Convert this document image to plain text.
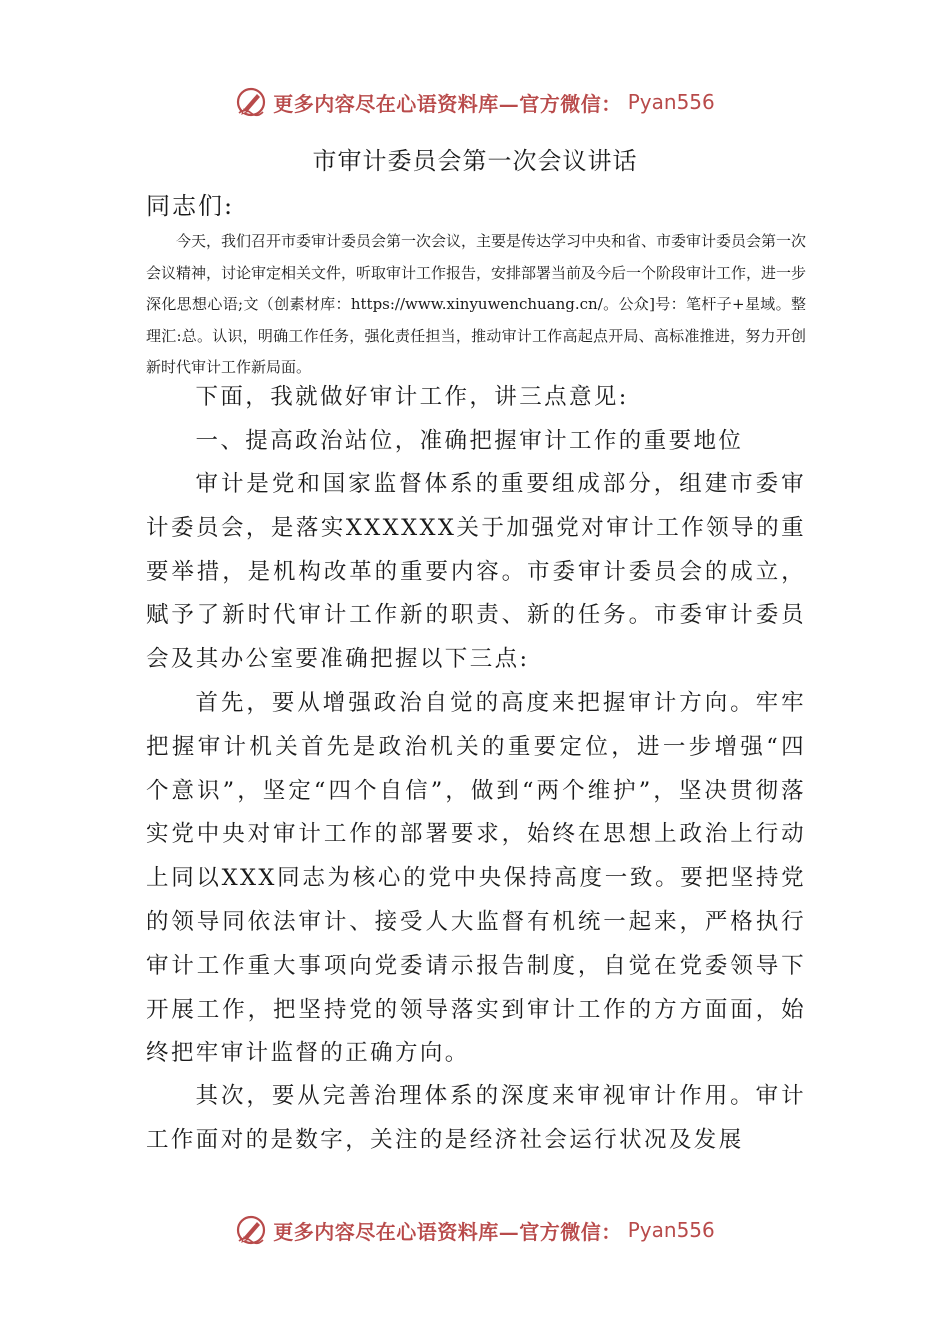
更多内容尽在心语资料库—官方微信： Pyan556
市审计委员会第一次会议讲话
同志们:

今天，我们召开市委审计委员会第一次会议，主要是传达学习中央和省、市委审计委员会第一次会议精神，讨论审定相关文件，听取审计工作报告，安排部署当前及今后一个阶段审计工作，进一步深化思想心语;文（创素材库：https://www.xinyuwenchuang.cn/。公众]号：笔杆子+星域。整理汇:总。认识，明确工作任务，强化责任担当，推动审计工作高起点开局、高标准推进，努力开创新时代审计工作新局面。

下面，我就做好审计工作，讲三点意见:

一、提高政治站位，准确把握审计工作的重要地位

审计是党和国家监督体系的重要组成部分，组建市委审计委员会，是落实XXXXXX关于加强党对审计工作领导的重要举措，是机构改革的重要内容。市委审计委员会的成立，赋予了新时代审计工作新的职责、新的任务。市委审计委员会及其办公室要准确把握以下三点:

首先，要从增强政治自觉的高度来把握审计方向。牢牢把握审计机关首先是政治机关的重要定位，进一步增强“四个意识”，坚定“四个自信”，做到“两个维护”，坚决贯彻落实党中央对审计工作的部署要求，始终在思想上政治上行动上同以XXX同志为核心的党中央保持高度一致。要把坚持党的领导同依法审计、接受人大监督有机统一起来，严格执行审计工作重大事项向党委请示报告制度，自觉在党委领导下开展工作，把坚持党的领导落实到审计工作的方方面面，始终把牢审计监督的正确方向。

其次，要从完善治理体系的深度来审视审计作用。审计工作面对的是数字，关注的是经济社会运行状况及发展

更多内容尽在心语资料库—官方微信： Pyan556
